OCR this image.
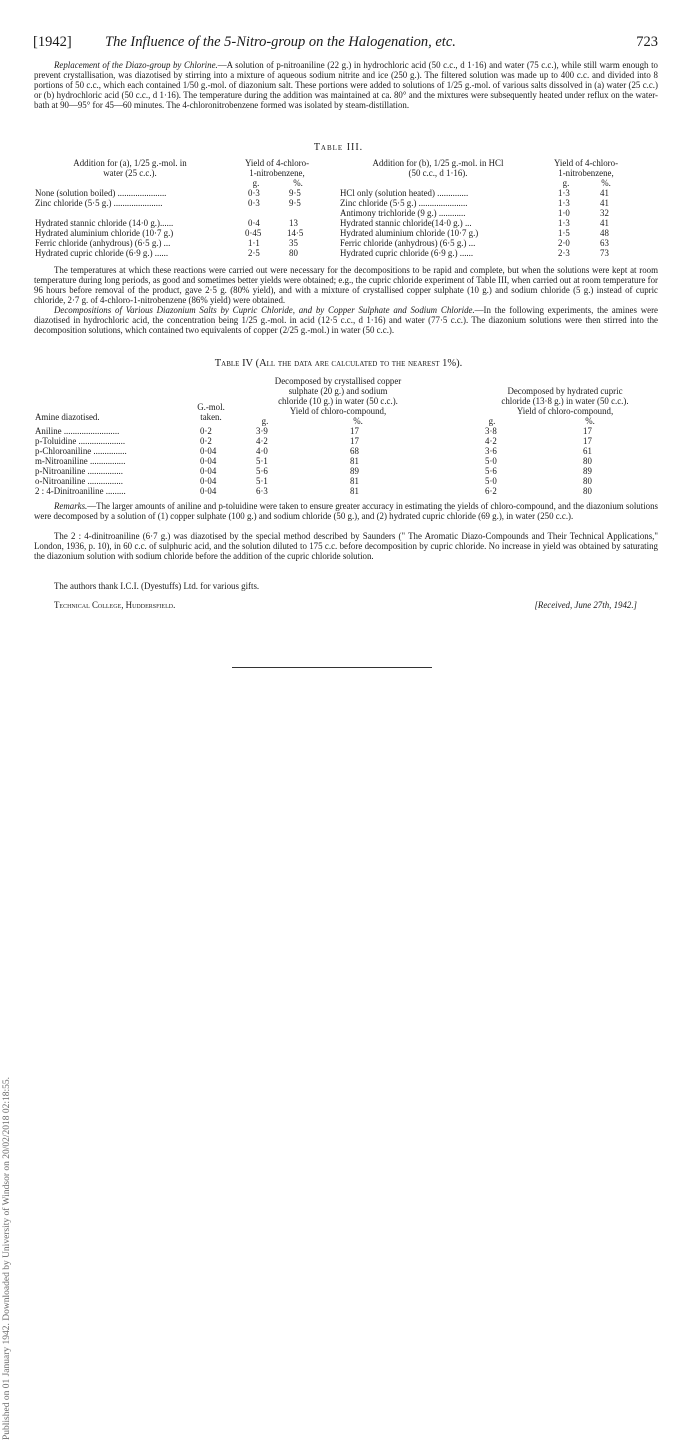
[1942] The Influence of the 5-Nitro-group on the Halogenation, etc.	723
Published on 01 January 1942. Downloaded by University of Windsor on 20/02/2018 02:18:55.
Replacement of the Diazo-group by Chlorine.—A solution of p-nitroaniline (22 g.) in hydrochloric acid (50 c.c., d 1·16) and water (75 c.c.), while still warm enough to prevent crystallisation, was diazotised by stirring into a mixture of aqueous sodium nitrite and ice (250 g.). The filtered solution was made up to 400 c.c. and divided into 8 portions of 50 c.c., which each contained 1/50 g.-mol. of diazonium salt. These portions were added to solutions of 1/25 g.-mol. of various salts dissolved in (a) water (25 c.c.) or (b) hydrochloric acid (50 c.c., d 1·16). The temperature during the addition was maintained at ca. 80° and the mixtures were subsequently heated under reflux on the water-bath at 90—95° for 45—60 minutes. The 4-chloronitrobenzene formed was isolated by steam-distillation.
Table III.
Addition for (a), 1/25 g.-mol. in
water (25 c.c.).
Yield of 4-chloro-
1-nitrobenzene,
g.	%.
Addition for (b), 1/25 g.-mol. in HCl
(50 c.c., d 1·16).
Yield of 4-chloro-
1-nitrobenzene,
g.	%.
None (solution boiled) ......................	0·3	9·5
Zinc chloride (5·5 g.) ......................	0·3	9·5
Hydrated stannic chloride (14·0 g.)......	0·4	13
Hydrated aluminium chloride (10·7 g.)	0·45	14·5
Ferric chloride (anhydrous) (6·5 g.) ...	1·1	35
Hydrated cupric chloride (6·9 g.) ......	2·5	80
HCl only (solution heated) ..............	1·3	41
Zinc chloride (5·5 g.) ......................	1·3	41
Antimony trichloride (9 g.) ............	1·0	32
Hydrated stannic chloride(14·0 g.) ...	1·3	41
Hydrated aluminium chloride (10·7 g.)	1·5	48
Ferric chloride (anhydrous) (6·5 g.) ...	2·0	63
Hydrated cupric chloride (6·9 g.) ......	2·3	73
The temperatures at which these reactions were carried out were necessary for the decompositions to be rapid and complete, but when the solutions were kept at room temperature during long periods, as good and sometimes better yields were obtained; e.g., the cupric chloride experiment of Table III, when carried out at room temperature for 96 hours before removal of the product, gave 2·5 g. (80% yield), and with a mixture of crystallised copper sulphate (10 g.) and sodium chloride (5 g.) instead of cupric chloride, 2·7 g. of 4-chloro-1-nitrobenzene (86% yield) were obtained.
Decompositions of Various Diazonium Salts by Cupric Chloride, and by Copper Sulphate and Sodium Chloride.—In the following experiments, the amines were diazotised in hydrochloric acid, the concentration being 1/25 g.-mol. in acid (12·5 c.c., d 1·16) and water (77·5 c.c.). The diazonium solutions were then stirred into the decomposition solutions, which contained two equivalents of copper (2/25 g.-mol.) in water (50 c.c.).
Table IV (All the data are calculated to the nearest 1%).
Amine diazotised.
G.-mol.
taken.
Decomposed by crystallised copper
sulphate (20 g.) and sodium
chloride (10 g.) in water (50 c.c.).
Yield of chloro-compound,
g.	%.
Decomposed by hydrated cupric
chloride (13·8 g.) in water (50 c.c.).
Yield of chloro-compound,
g.	%.
Aniline .........................	0·2	3·9	17	3·8	17
p-Toluidine .....................	0·2	4·2	17	4·2	17
p-Chloroaniline ...............	0·04	4·0	68	3·6	61
m-Nitroaniline ................	0·04	5·1	81	5·0	80
p-Nitroaniline ................	0·04	5·6	89	5·6	89
o-Nitroaniline ................	0·04	5·1	81	5·0	80
2 : 4-Dinitroaniline .........	0·04	6·3	81	6·2	80
Remarks.—The larger amounts of aniline and p-toluidine were taken to ensure greater accuracy in estimating the yields of chloro-compound, and the diazonium solutions were decomposed by a solution of (1) copper sulphate (100 g.) and sodium chloride (50 g.), and (2) hydrated cupric chloride (69 g.), in water (250 c.c.).
The 2 : 4-dinitroaniline (6·7 g.) was diazotised by the special method described by Saunders (" The Aromatic Diazo-Compounds and Their Technical Applications," London, 1936, p. 10), in 60 c.c. of sulphuric acid, and the solution diluted to 175 c.c. before decomposition by cupric chloride. No increase in yield was obtained by saturating the diazonium solution with sodium chloride before the addition of the cupric chloride solution.
The authors thank I.C.I. (Dyestuffs) Ltd. for various gifts.
Technical College, Huddersfield.	[Received, June 27th, 1942.]
